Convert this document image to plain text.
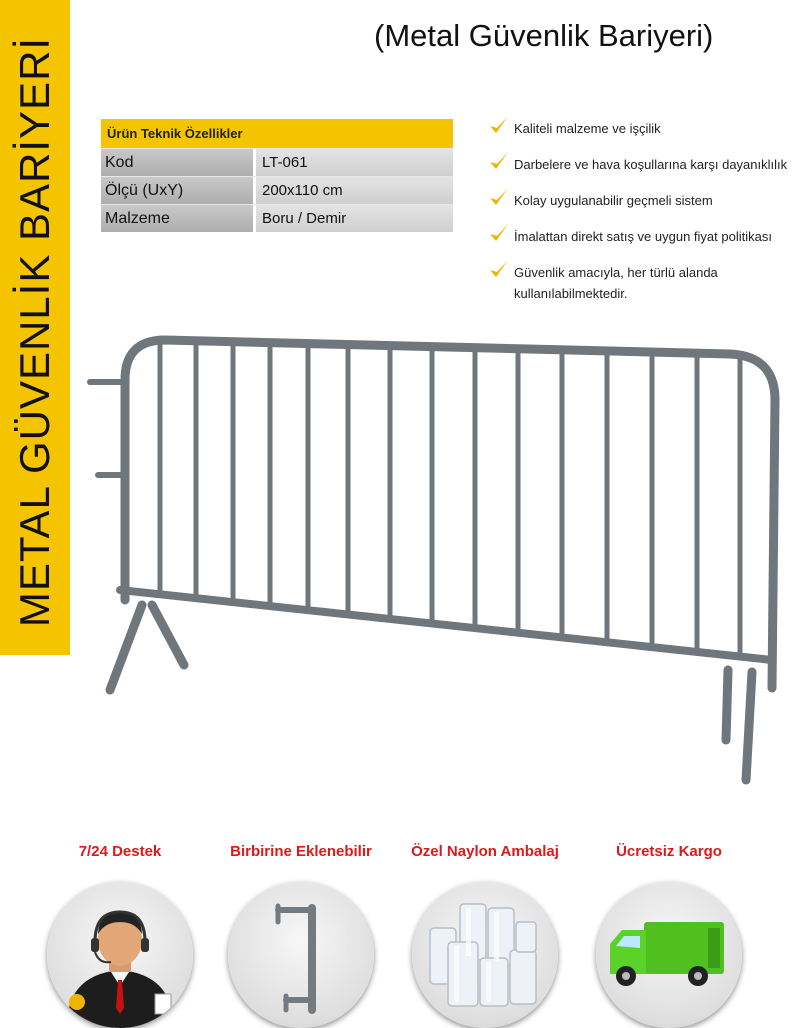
METAL GÜVENLİK BARİYERİ
(Metal Güvenlik Bariyeri)
Ürün Teknik Özellikler
Kod	LT-061
Ölçü (UxY)	200x110 cm
Malzeme	Boru / Demir
Kaliteli malzeme ve işçilik
Darbelere ve hava koşullarına karşı dayanıklılık
Kolay uygulanabilir geçmeli sistem
İmalattan direkt satış ve uygun fiyat politikası
Güvenlik amacıyla, her türlü alanda kullanılabilmektedir.
7/24 Destek	Birbirine Eklenebilir	Özel Naylon Ambalaj	Ücretsiz Kargo
